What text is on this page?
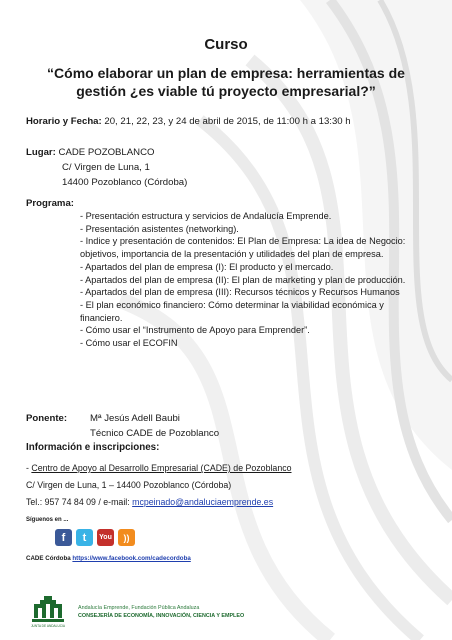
Curso
“Cómo elaborar un plan de empresa: herramientas de gestión ¿es viable tú proyecto empresarial?”
Horario y Fecha: 20, 21, 22, 23, y 24 de abril de 2015, de 11:00 h a 13:30 h
Lugar: CADE POZOBLANCO
C/ Virgen de Luna, 1
14400 Pozoblanco (Córdoba)
Programa:
- Presentación estructura y servicios de Andalucía Emprende.
- Presentación asistentes (networking).
- Indice y presentación de contenidos: El Plan de Empresa: La idea de Negocio: objetivos, importancia de la presentación y utilidades del plan de empresa.
- Apartados del plan de empresa (I): El producto y el mercado.
- Apartados del plan de empresa (II): El plan de marketing y plan de producción.
- Apartados del plan de empresa (III): Recursos técnicos y Recursos Humanos
- El plan económico financiero: Cómo determinar la viabilidad económica y financiero.
- Cómo usar el “Instrumento de Apoyo para Emprender”.
- Cómo usar el ECOFIN
Ponente: Mª Jesús Adell Baubi
Técnico CADE de Pozoblanco
Información e inscripciones:
- Centro de Apoyo al Desarrollo Empresarial (CADE) de Pozoblanco
C/ Virgen de Luna, 1 – 14400 Pozoblanco (Córdoba)
Tel.: 957 74 84 09 / e-mail: mcpeinado@andaluciaemprende.es
Síguenos en ...
f	t	You	))
CADE Córdoba https://www.facebook.com/cadecordoba
JUNTA DE ANDALUCIA
Andalucía Emprende, Fundación Pública Andaluza
CONSEJERÍA DE ECONOMÍA, INNOVACIÓN, CIENCIA Y EMPLEO
